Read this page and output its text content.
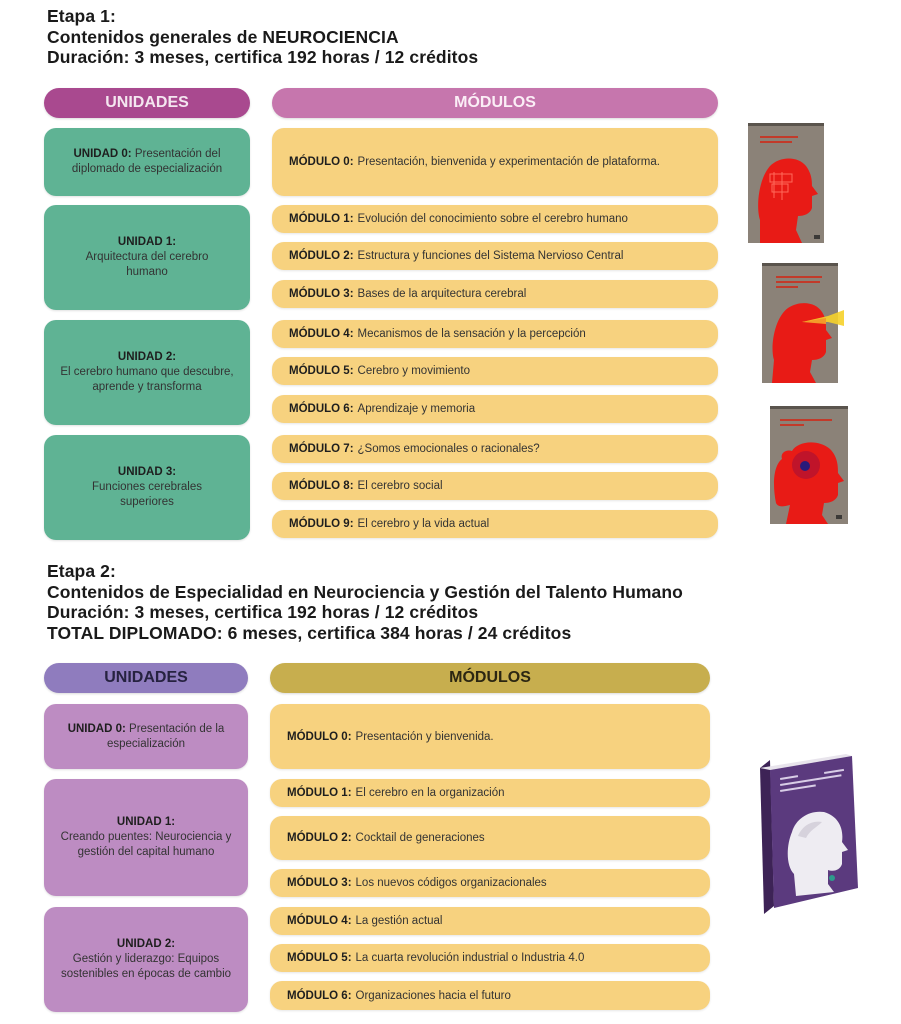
Etapa 1:
Contenidos generales de NEUROCIENCIA
Duración: 3 meses, certifica 192 horas / 12 créditos
UNIDADES	MÓDULOS
UNIDAD 0: Presentación del diplomado de especialización
UNIDAD 1:
Arquitectura del cerebro humano
UNIDAD 2:
El cerebro humano que descubre, aprende y transforma
UNIDAD 3:
Funciones cerebrales superiores
MÓDULO 0: Presentación, bienvenida y experimentación de plataforma.
MÓDULO 1: Evolución del conocimiento sobre el cerebro humano
MÓDULO 2: Estructura y funciones del Sistema Nervioso Central
MÓDULO 3: Bases de la arquitectura cerebral
MÓDULO 4: Mecanismos de la sensación y la percepción
MÓDULO 5: Cerebro y movimiento
MÓDULO 6: Aprendizaje y memoria
MÓDULO 7: ¿Somos emocionales o racionales?
MÓDULO 8: El cerebro social
MÓDULO 9: El cerebro y la vida actual
Etapa 2:
Contenidos de Especialidad en Neurociencia y Gestión del Talento Humano
Duración: 3 meses, certifica 192 horas / 12 créditos
TOTAL DIPLOMADO: 6 meses, certifica 384 horas / 24 créditos
UNIDADES	MÓDULOS
UNIDAD 0: Presentación de la especialización
UNIDAD 1:
Creando puentes: Neurociencia y gestión del capital humano
UNIDAD 2:
Gestión y liderazgo: Equipos sostenibles en épocas de cambio
MÓDULO 0: Presentación y bienvenida.
MÓDULO 1: El cerebro en la organización
MÓDULO 2: Cocktail de generaciones
MÓDULO 3: Los nuevos códigos organizacionales
MÓDULO 4: La gestión actual
MÓDULO 5: La cuarta revolución industrial o Industria 4.0
MÓDULO 6: Organizaciones hacia el futuro
